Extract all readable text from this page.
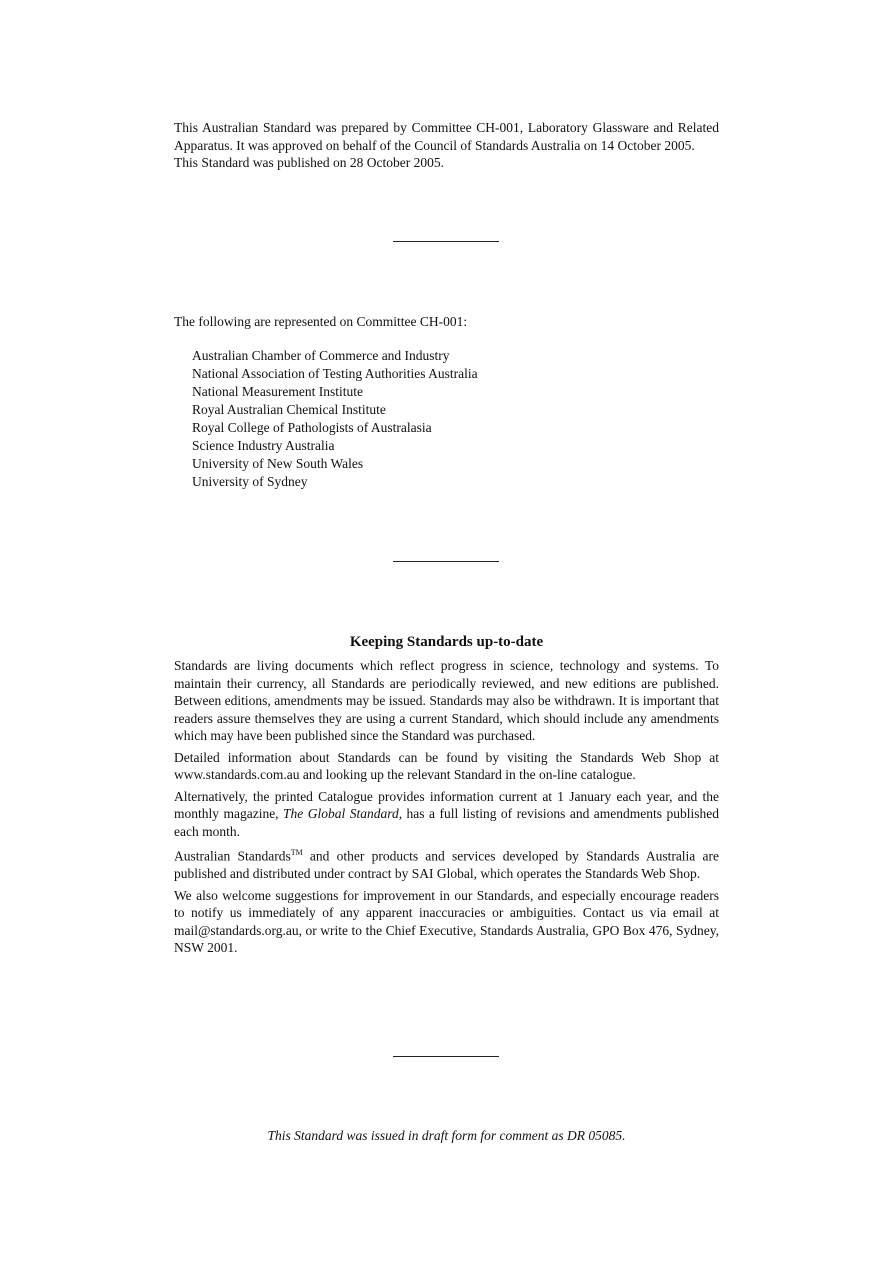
This Australian Standard was prepared by Committee CH-001, Laboratory Glassware and Related Apparatus. It was approved on behalf of the Council of Standards Australia on 14 October 2005.
This Standard was published on 28 October 2005.
The following are represented on Committee CH-001:
Australian Chamber of Commerce and Industry
National Association of Testing Authorities Australia
National Measurement Institute
Royal Australian Chemical Institute
Royal College of Pathologists of Australasia
Science Industry Australia
University of New South Wales
University of Sydney
Keeping Standards up-to-date

Standards are living documents which reflect progress in science, technology and systems. To maintain their currency, all Standards are periodically reviewed, and new editions are published. Between editions, amendments may be issued. Standards may also be withdrawn. It is important that readers assure themselves they are using a current Standard, which should include any amendments which may have been published since the Standard was purchased.

Detailed information about Standards can be found by visiting the Standards Web Shop at www.standards.com.au and looking up the relevant Standard in the on-line catalogue.

Alternatively, the printed Catalogue provides information current at 1 January each year, and the monthly magazine, The Global Standard, has a full listing of revisions and amendments published each month.

Australian Standards™ and other products and services developed by Standards Australia are published and distributed under contract by SAI Global, which operates the Standards Web Shop.

We also welcome suggestions for improvement in our Standards, and especially encourage readers to notify us immediately of any apparent inaccuracies or ambiguities. Contact us via email at mail@standards.org.au, or write to the Chief Executive, Standards Australia, GPO Box 476, Sydney, NSW 2001.

This Standard was issued in draft form for comment as DR 05085.
